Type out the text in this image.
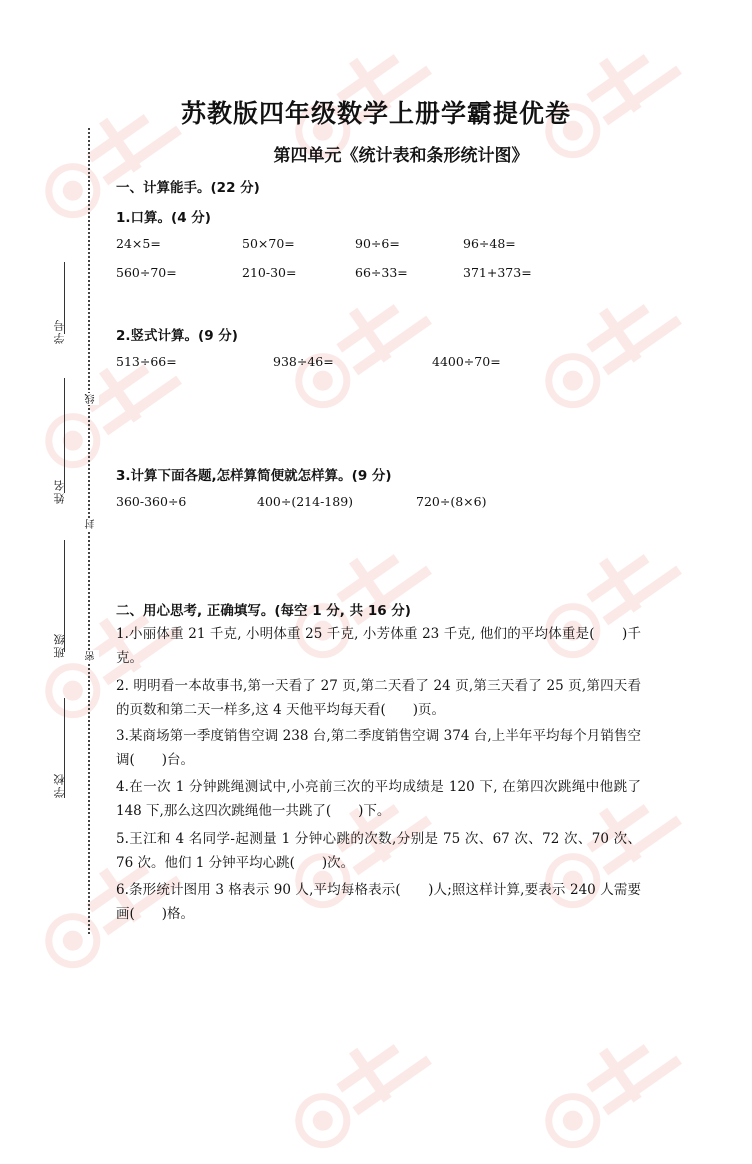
学号
姓名
班级
学校
线
封
密
苏教版四年级数学上册学霸提优卷
第四单元《统计表和条形统计图》
一、计算能手。(22 分)
1.口算。(4 分)
24×5=	50×70=	90÷6=	96÷48=
560÷70=	210-30=	66÷33=	371+373=
2.竖式计算。(9 分)
513÷66=	938÷46=	4400÷70=
3.计算下面各题,怎样算简便就怎样算。(9 分)
360-360÷6	400÷(214-189)	720÷(8×6)
二、用心思考, 正确填写。(每空 1 分, 共 16 分)
1.小丽体重 21 千克, 小明体重 25 千克, 小芳体重 23 千克, 他们的平均体重是(　　)千克。
2. 明明看一本故事书,第一天看了 27 页,第二天看了 24 页,第三天看了 25 页,第四天看的页数和第二天一样多,这 4 天他平均每天看(　　)页。
3.某商场第一季度销售空调 238 台,第二季度销售空调 374 台,上半年平均每个月销售空调(　　)台。
4.在一次 1 分钟跳绳测试中,小亮前三次的平均成绩是 120 下, 在第四次跳绳中他跳了 148 下,那么这四次跳绳他一共跳了(　　)下。
5.王江和 4 名同学-起测量 1 分钟心跳的次数,分别是 75 次、67 次、72 次、70 次、76 次。他们 1 分钟平均心跳(　　)次。
6.条形统计图用 3 格表示 90 人,平均每格表示(　　)人;照这样计算,要表示 240 人需要画(　　)格。
